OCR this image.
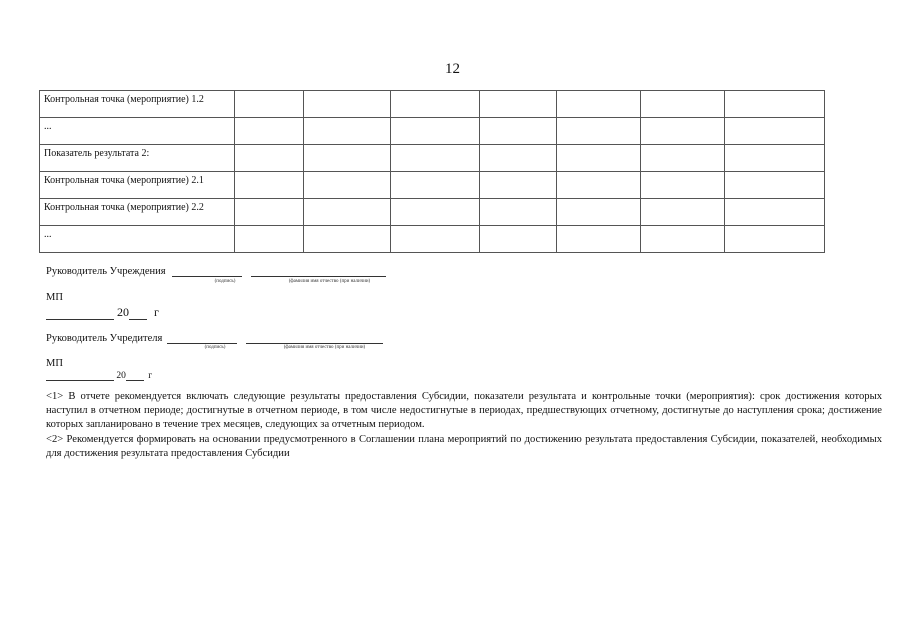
12
Контрольная точка (мероприятие) 1.2							
...							
Показатель результата 2:							
Контрольная точка (мероприятие) 2.1							
Контрольная точка (мероприятие) 2.2							
...							
Руководитель Учреждения
(подпись)	(фамилия имя отчество (при наличии)
МП
20 г
Руководитель Учредителя
(подпись)	(фамилия имя отчество (при наличии)
МП
20 г

<1> В отчете рекомендуется включать следующие результаты предоставления Субсидии, показатели результата и контрольные точки (мероприятия): срок достижения которых наступил в отчетном периоде; достигнутые в отчетном периоде, в том числе недостигнутые в периодах, предшествующих отчетному, достигнутые до наступления срока; достижение которых запланировано в течение трех месяцев, следующих за отчетным периодом.

<2> Рекомендуется формировать на основании предусмотренного в Соглашении плана мероприятий по достижению результата предоставления Субсидии, показателей, необходимых для достижения результата предоставления Субсидии
